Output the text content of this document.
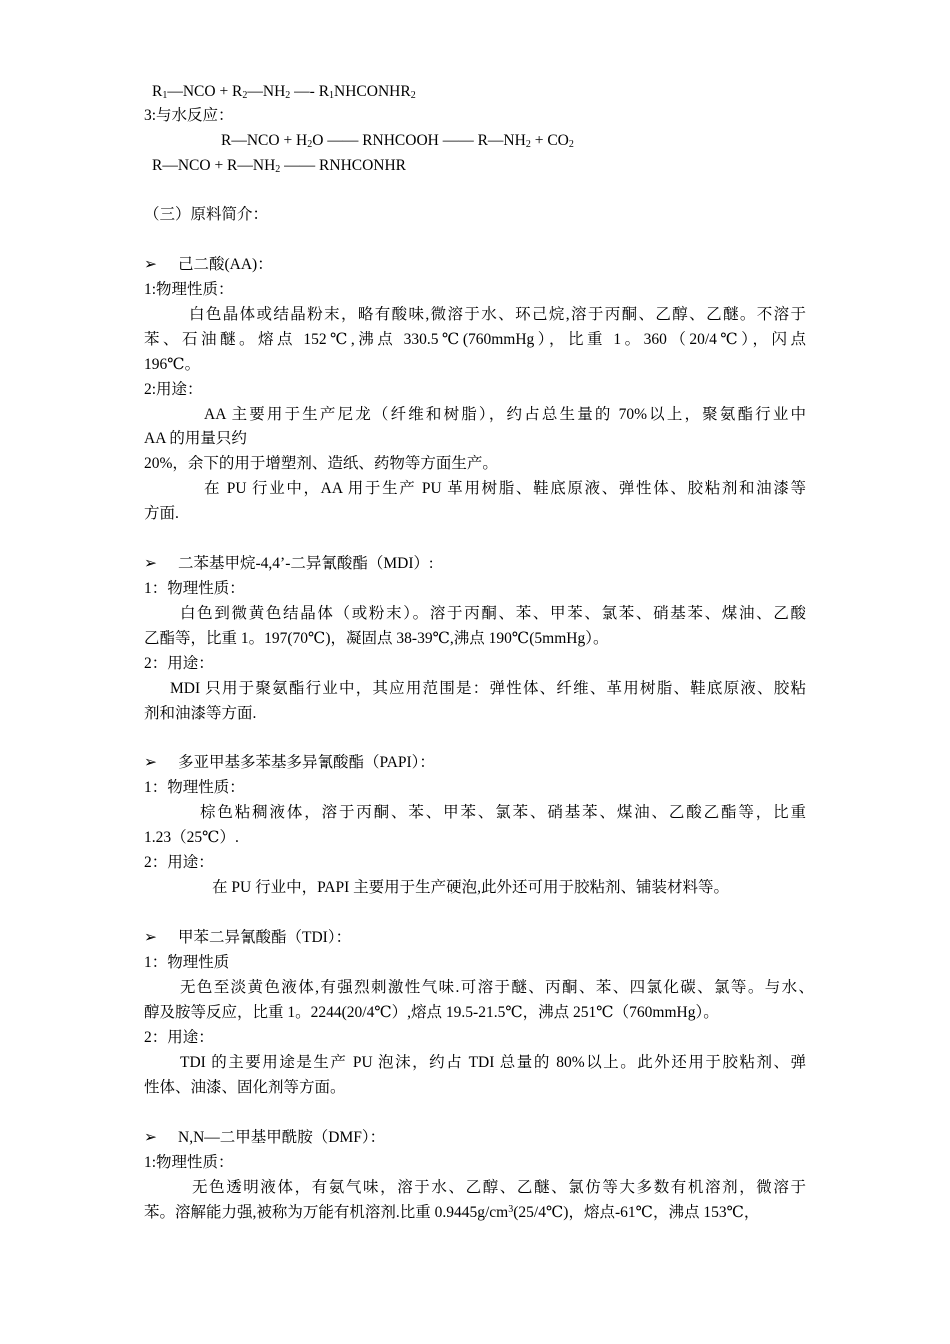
$R_1—NCO$ + $R_2—NH_2$ —- $R_1NHCONHR_2$
3:与水反应：
R—NCO + $H_2O$ —— RNHCOOH —— $R—NH_2 + CO_2$
R—NCO + $R—NH_2$ —— RNHCONHR
（三）原料简介：
➢ 己二酸(AA)：
1:物理性质：
白色晶体或结晶粉末，略有酸味,微溶于水、环己烷,溶于丙酮、乙醇、乙醚。不溶于
苯、石油醚。熔点 152℃,沸点 330.5℃(760mmHg），比重 1。360（20/4℃），闪点
196℃。
2:用途：
AA 主要用于生产尼龙（纤维和树脂），约占总生量的 70%以上，聚氨酯行业中
AA 的用量只约
20%，余下的用于增塑剂、造纸、药物等方面生产。
在 PU 行业中，AA 用于生产 PU 革用树脂、鞋底原液、弹性体、胶粘剂和油漆等
方面.
➢ 二苯基甲烷-4,4’-二异氰酸酯（MDI）:
1：物理性质：
白色到微黄色结晶体（或粉末）。溶于丙酮、苯、甲苯、氯苯、硝基苯、煤油、乙酸
乙酯等，比重 1。197(70℃)，凝固点 38-39℃,沸点 190℃(5mmHg）。
2：用途：
MDI 只用于聚氨酯行业中，其应用范围是：弹性体、纤维、革用树脂、鞋底原液、胶粘
剂和油漆等方面.
➢ 多亚甲基多苯基多异氰酸酯（PAPI）：
1：物理性质：
棕色粘稠液体，溶于丙酮、苯、甲苯、氯苯、硝基苯、煤油、乙酸乙酯等，比重
1.23（25℃）.
2：用途：
在 PU 行业中，PAPI 主要用于生产硬泡,此外还可用于胶粘剂、铺装材料等。
➢ 甲苯二异氰酸酯（TDI）：
1：物理性质
无色至淡黄色液体,有强烈刺激性气味.可溶于醚、丙酮、苯、四氯化碳、氯等。与水、
醇及胺等反应，比重 1。2244(20/4℃）,熔点 19.5-21.5℃，沸点 251℃（760mmHg）。
2：用途：
TDI 的主要用途是生产 PU 泡沫，约占 TDI 总量的 80%以上。此外还用于胶粘剂、弹
性体、油漆、固化剂等方面。
➢ N,N—二甲基甲酰胺（DMF）：
1:物理性质：
无色透明液体，有氨气味，溶于水、乙醇、乙醚、氯仿等大多数有机溶剂，微溶于
苯。溶解能力强,被称为万能有机溶剂.比重 $0.9445g/cm^3(25/4℃)$，熔点-61℃，沸点 153℃，
